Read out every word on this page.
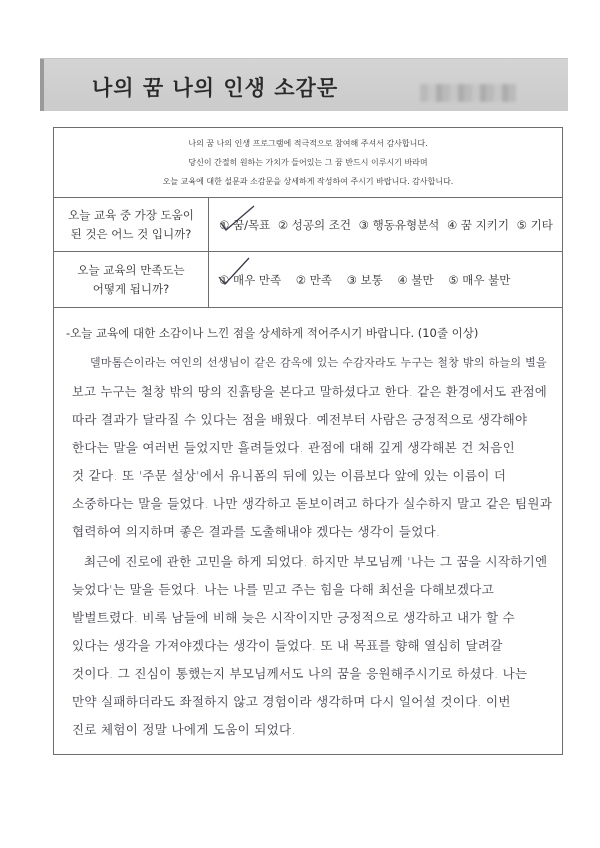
나의 꿈 나의 인생 소감문
나의 꿈 나의 인생 프로그램에 적극적으로 참여해 주셔서 감사합니다.
당신이 간절히 원하는 가치가 들어있는 그 꿈 반드시 이루시기 바라며
오늘 교육에 대한 설문과 소감문을 상세하게 작성하여 주시기 바랍니다. 감사합니다.
오늘 교육 중 가장 도움이
된 것은 어느 것 입니까?
① 꿈/목표 ② 성공의 조건 ③ 행동유형분석 ④ 꿈 지키기 ⑤ 기타
오늘 교육의 만족도는
어떻게 됩니까?
① 매우 만족 ② 만족 ③ 보통 ④ 불만 ⑤ 매우 불만
-오늘 교육에 대한 소감이나 느낀 점을 상세하게 적어주시기 바랍니다. (10줄 이상)
델마톰슨이라는 여인의 선생님이 같은 감옥에 있는 수감자라도 누구는 철창 밖의 하늘의 별을
보고 누구는 철창 밖의 땅의 진흙탕을 본다고 말하셨다고 한다. 같은 환경에서도 관점에
따라 결과가 달라질 수 있다는 점을 배웠다. 예전부터 사람은 긍정적으로 생각해야
한다는 말을 여러번 들었지만 흘려들었다. 관점에 대해 깊게 생각해본 건 처음인
것 같다. 또 '주문 설상'에서 유니폼의 뒤에 있는 이름보다 앞에 있는 이름이 더
소중하다는 말을 들었다. 나만 생각하고 돋보이려고 하다가 실수하지 말고 같은 팀원과
협력하여 의지하며 좋은 결과를 도출해내야 겠다는 생각이 들었다.
최근에 진로에 관한 고민을 하게 되었다. 하지만 부모님께 '나는 그 꿈을 시작하기엔
늦었다'는 말을 듣었다. 나는 나를 믿고 주는 힘을 다해 최선을 다해보겠다고
발벌트렸다. 비록 남들에 비해 늦은 시작이지만 긍정적으로 생각하고 내가 할 수
있다는 생각을 가져야겠다는 생각이 들었다. 또 내 목표를 향해 열심히 달려갈
것이다. 그 진심이 통했는지 부모님께서도 나의 꿈을 응원해주시기로 하셨다. 나는
만약 실패하더라도 좌절하지 않고 경험이라 생각하며 다시 일어설 것이다. 이번
진로 체험이 정말 나에게 도움이 되었다.
